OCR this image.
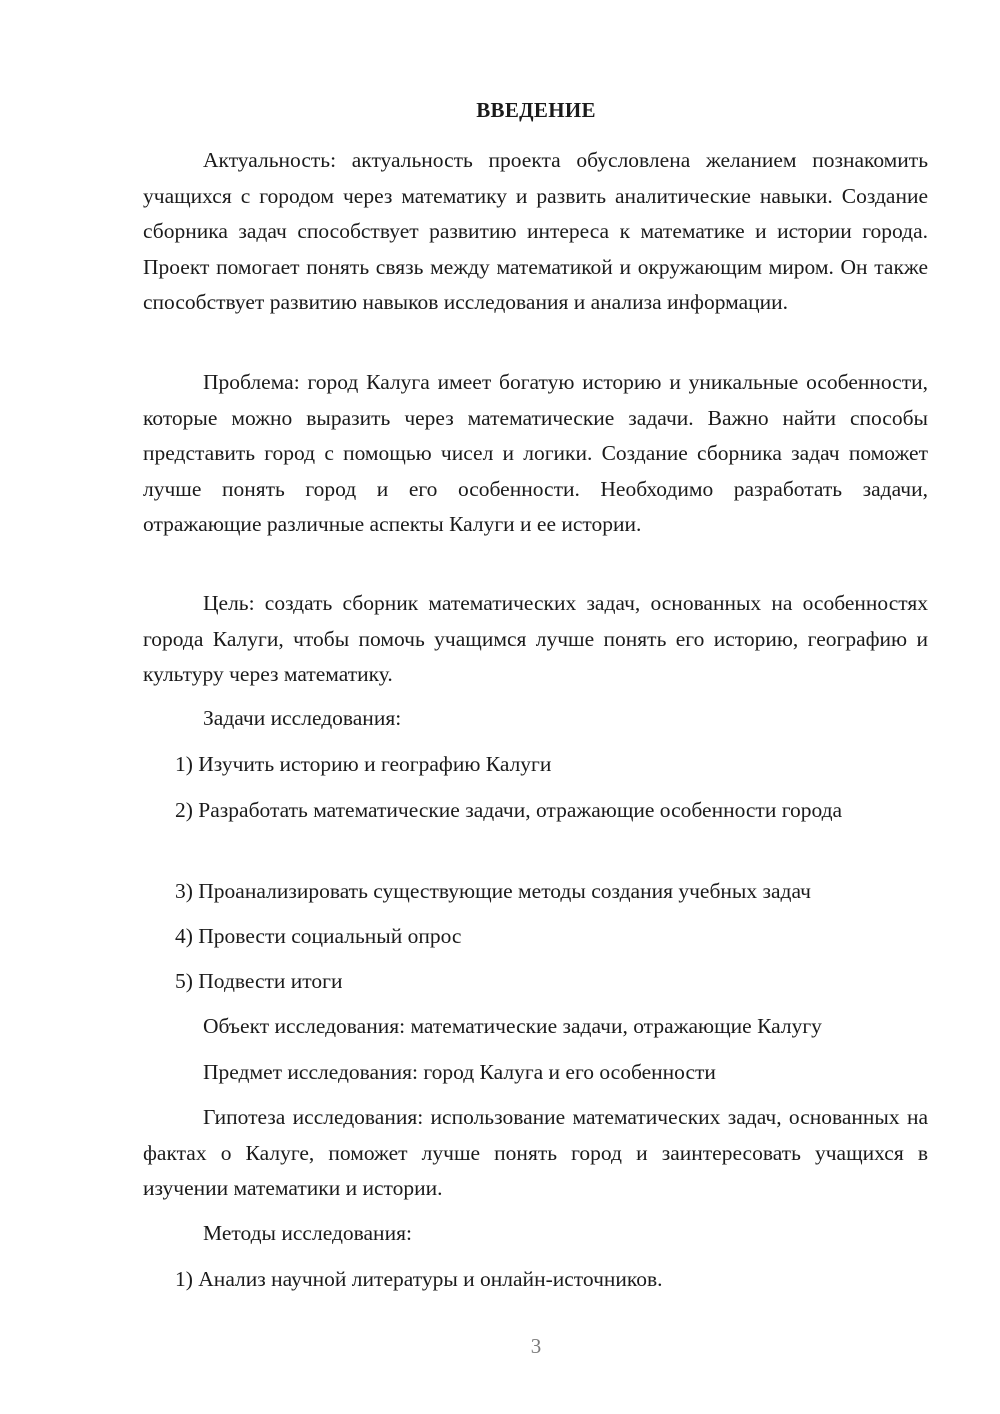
ВВЕДЕНИЕ

Актуальность: актуальность проекта обусловлена желанием познакомить учащихся с городом через математику и развить аналитические навыки. Создание сборника задач способствует развитию интереса к математике и истории города. Проект помогает понять связь между математикой и окружающим миром. Он также способствует развитию навыков исследования и анализа информации.

Проблема: город Калуга имеет богатую историю и уникальные особенности, которые можно выразить через математические задачи. Важно найти способы представить город с помощью чисел и логики. Создание сборника задач поможет лучше понять город и его особенности. Необходимо разработать задачи, отражающие различные аспекты Калуги и ее истории.

Цель: создать сборник математических задач, основанных на особенностях города Калуги, чтобы помочь учащимся лучше понять его историю, географию и культуру через математику.

Задачи исследования:

1) Изучить историю и географию Калуги

2) Разработать математические задачи, отражающие особенности города

3) Проанализировать существующие методы создания учебных задач

4) Провести социальный опрос

5) Подвести итоги

Объект исследования: математические задачи, отражающие Калугу

Предмет исследования: город Калуга и его особенности

Гипотеза исследования: использование математических задач, основанных на фактах о Калуге, поможет лучше понять город и заинтересовать учащихся в изучении математики и истории.

Методы исследования:

1) Анализ научной литературы и онлайн-источников.

3
